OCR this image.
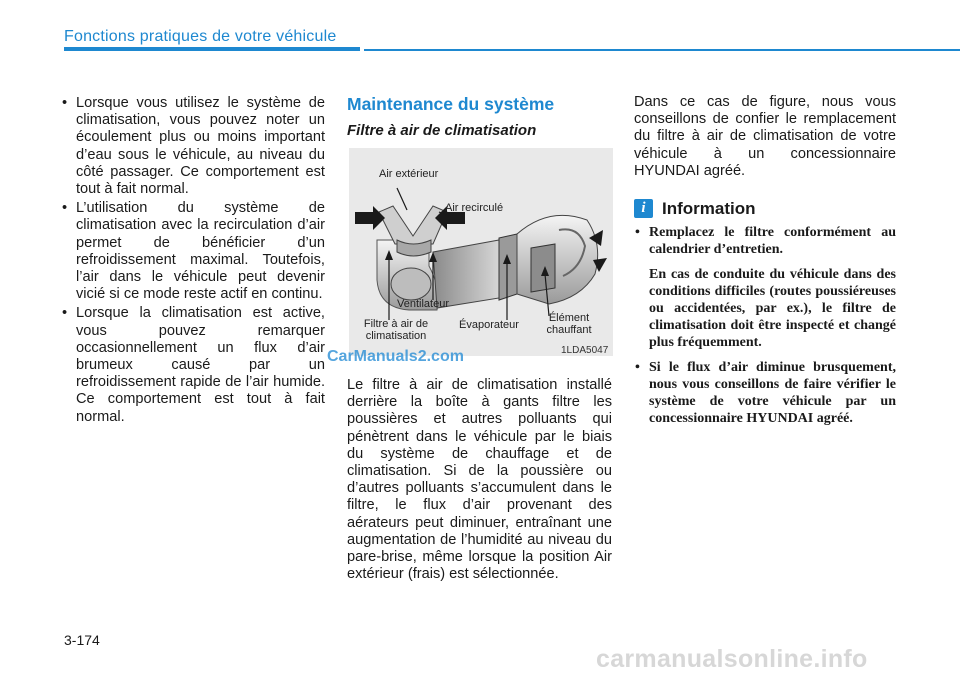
Fonctions pratiques de votre véhicule
• Lorsque vous utilisez le système de climatisation, vous pouvez noter un écoulement plus ou moins important d’eau sous le véhicule, au niveau du côté passager. Ce comportement est tout à fait normal.
• L’utilisation du système de climatisation avec la recirculation d’air permet de bénéficier d’un refroidissement maximal. Toutefois, l’air dans le véhicule peut devenir vicié si ce mode reste actif en continu.
• Lorsque la climatisation est active, vous pouvez remarquer occasionnellement un flux d’air brumeux causé par un refroidissement rapide de l’air humide. Ce comportement est tout à fait normal.
Maintenance du système
Filtre à air de climatisation
Air extérieur
Air recirculé
Ventilateur
Filtre à air de
climatisation
Évaporateur
Élément
chauffant
1LDA5047
CarManuals2.com
Le filtre à air de climatisation installé derrière la boîte à gants filtre les poussières et autres polluants qui pénètrent dans le véhicule par le biais du système de chauffage et de climatisation. Si de la poussière ou d’autres polluants s’accumulent dans le filtre, le flux d’air provenant des aérateurs peut diminuer, entraînant une augmentation de l’humidité au niveau du pare-brise, même lorsque la position Air extérieur (frais) est sélectionnée.
Dans ce cas de figure, nous vous conseillons de confier le remplacement du filtre à air de climatisation de votre véhicule à un concessionnaire HYUNDAI agréé.
i Information

• Remplacez le filtre conformément au calendrier d’entretien.

En cas de conduite du véhicule dans des conditions difficiles (routes poussiéreuses ou accidentées, par ex.), le filtre de climatisation doit être inspecté et changé plus fréquemment.

• Si le flux d’air diminue brusquement, nous vous conseillons de faire vérifier le système de votre véhicule par un concessionnaire HYUNDAI agréé.

3-174
carmanualsonline.info
